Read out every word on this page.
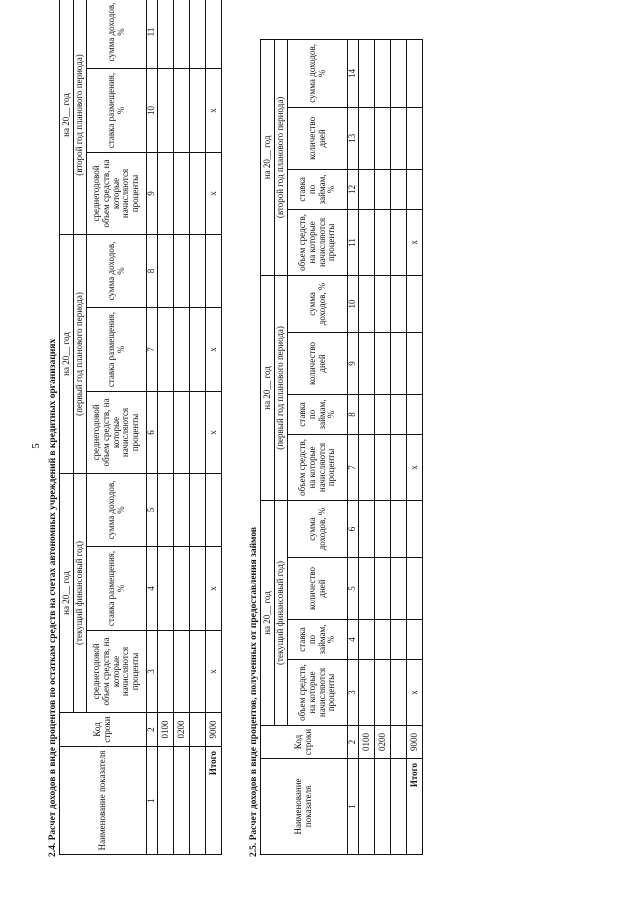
5 2.4. Расчет доходов в виде процентов по остаткам средств на счетах автономных учреждений в кредитных организациях	Наименование показателя	Код строки	на 20__ год			на 20__ год			на 20__ год		
		(текущий финансовый год)			(первый год планового периода)			(второй год планового периода)		
		среднегодовой объем средств, на которые начисляются проценты	ставка размещения, %	сумма доходов, %	среднегодовой объем средств, на которые начисляются проценты	ставка размещения, %	сумма доходов, %	среднегодовой объем средств, на которые начисляются проценты	ставка размещения, %	сумма доходов, %
1	2	3	4	5	6	7	8	9	10	11
	0100									
	0200									

Итого	9000	x	x		x	x		x	x	
2.5. Расчет доходов в виде процентов, полученных от предоставления займов	Наименование показателя	Код строки	на 20__ год				на 20__ год				на 20__ год			
		(текущий финансовый год)				(первый год планового периода)				(второй год планового периода)			
		объем средств, на которые начисляются проценты	ставка по займам, %	количество дней	сумма доходов, %	объем средств, на которые начисляются проценты	ставка по займам, %	количество дней	сумма доходов, %	объем средств, на которые начисляются проценты	ставка по займам, %	количество дней	сумма доходов, %
1	2	3	4	5	6	7	8	9	10	11	12	13	14
	0100												
	0200												

Итого	9000	x				x				x			
